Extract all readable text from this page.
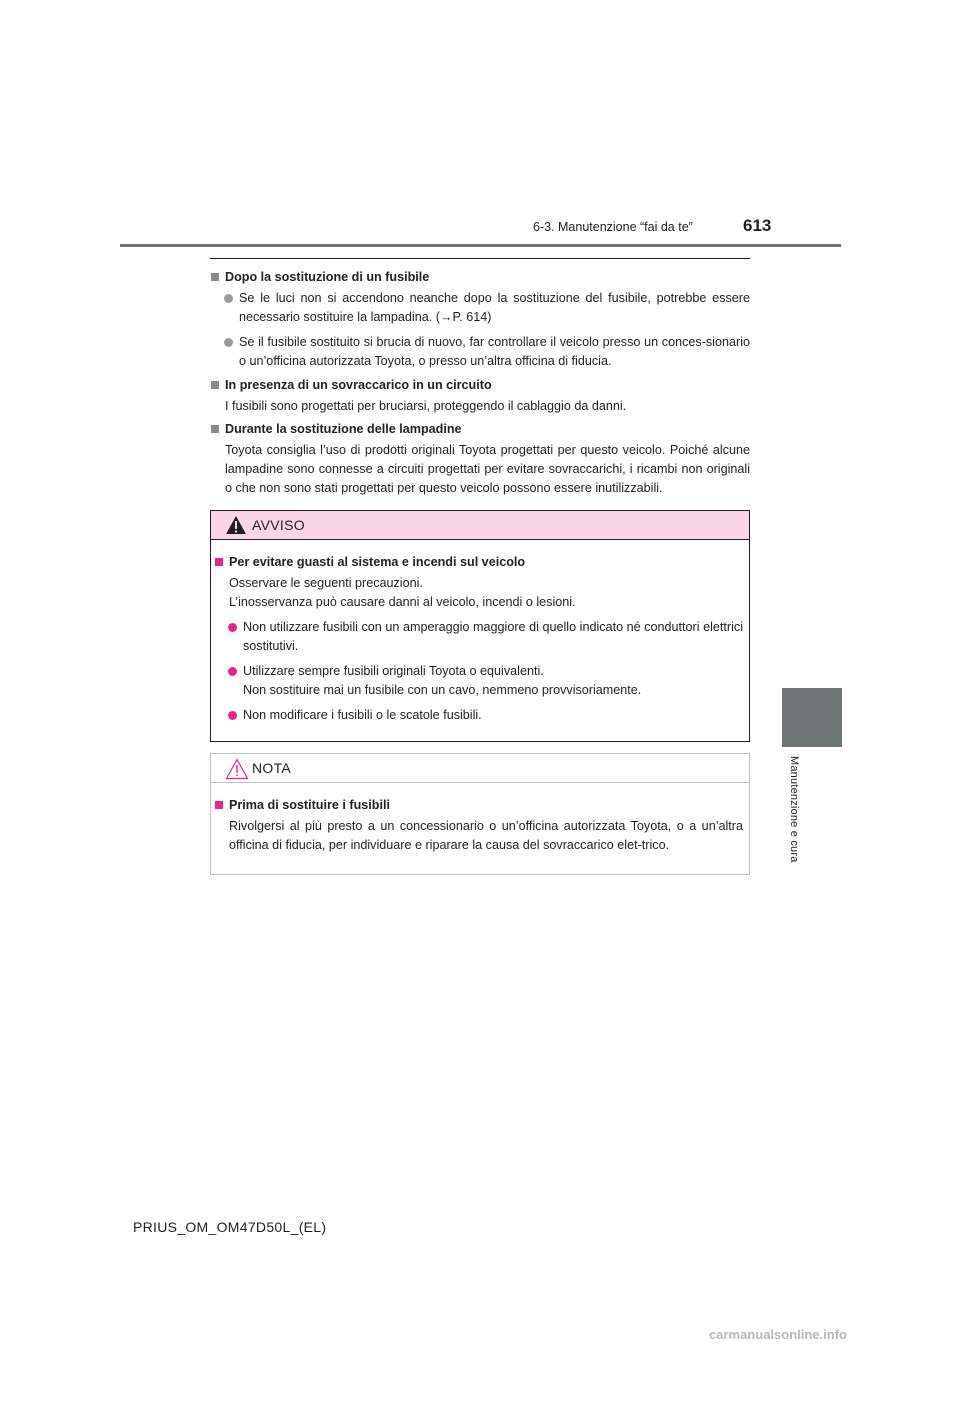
6-3. Manutenzione “fai da te”	613
6
Manutenzione e cura
Dopo la sostituzione di un fusibile
Se le luci non si accendono neanche dopo la sostituzione del fusibile, potrebbe essere necessario sostituire la lampadina. (→P. 614)
Se il fusibile sostituito si brucia di nuovo, far controllare il veicolo presso un conces-sionario o un’officina autorizzata Toyota, o presso un’altra officina di fiducia.
In presenza di un sovraccarico in un circuito
I fusibili sono progettati per bruciarsi, proteggendo il cablaggio da danni.
Durante la sostituzione delle lampadine
Toyota consiglia l’uso di prodotti originali Toyota progettati per questo veicolo. Poiché alcune lampadine sono connesse a circuiti progettati per evitare sovraccarichi, i ricambi non originali o che non sono stati progettati per questo veicolo possono essere inutilizzabili.
AVVISO
Per evitare guasti al sistema e incendi sul veicolo
Osservare le seguenti precauzioni.
L’inosservanza può causare danni al veicolo, incendi o lesioni.
Non utilizzare fusibili con un amperaggio maggiore di quello indicato né conduttori elettrici sostitutivi.
Utilizzare sempre fusibili originali Toyota o equivalenti.
Non sostituire mai un fusibile con un cavo, nemmeno provvisoriamente.
Non modificare i fusibili o le scatole fusibili.
NOTA
Prima di sostituire i fusibili
Rivolgersi al più presto a un concessionario o un’officina autorizzata Toyota, o a un’altra officina di fiducia, per individuare e riparare la causa del sovraccarico elet-trico.
PRIUS_OM_OM47D50L_(EL)
carmanualsonline.info
